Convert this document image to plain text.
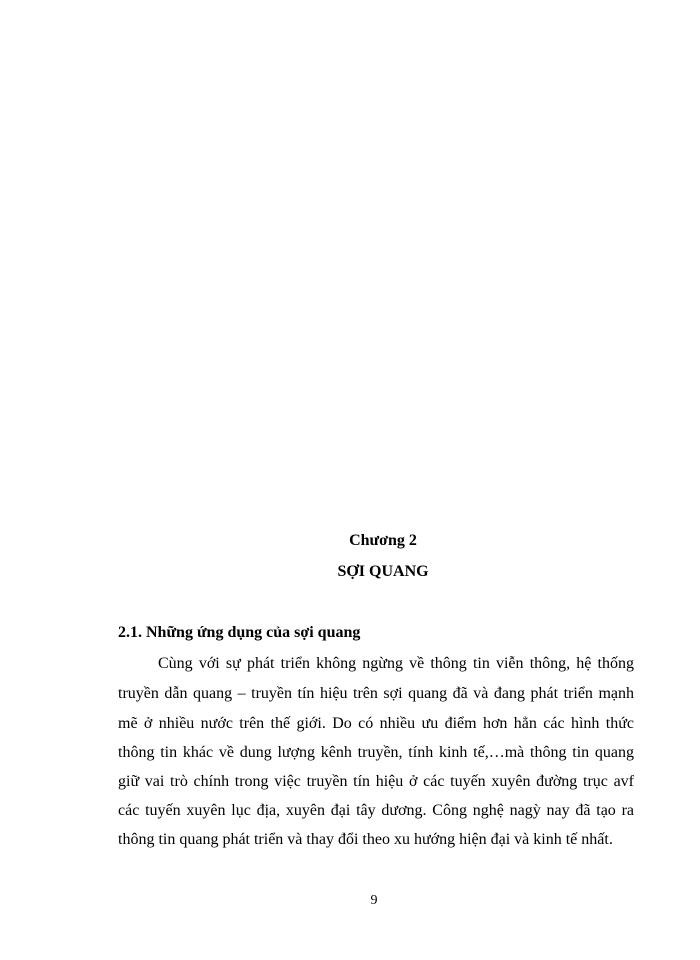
Chương 2
SỢI QUANG
2.1. Những ứng dụng của sợi quang
Cùng với sự phát triển không ngừng về thông tin viễn thông, hệ thống
truyền dẫn quang – truyền tín hiệu trên sợi quang đã và đang phát triển mạnh
mẽ ở nhiều nước trên thế giới. Do có nhiều ưu điểm hơn hẳn các hình thức
thông tin khác về dung lượng kênh truyền, tính kinh tế,…mà thông tin quang
giữ vai trò chính trong việc truyền tín hiệu ở các tuyến xuyên đường trục avf
các tuyến xuyên lục địa, xuyên đại tây dương. Công nghệ nagỳ nay đã tạo ra
thông tin quang phát triển và thay đổi theo xu hướng hiện đại và kinh tế nhất.
9
